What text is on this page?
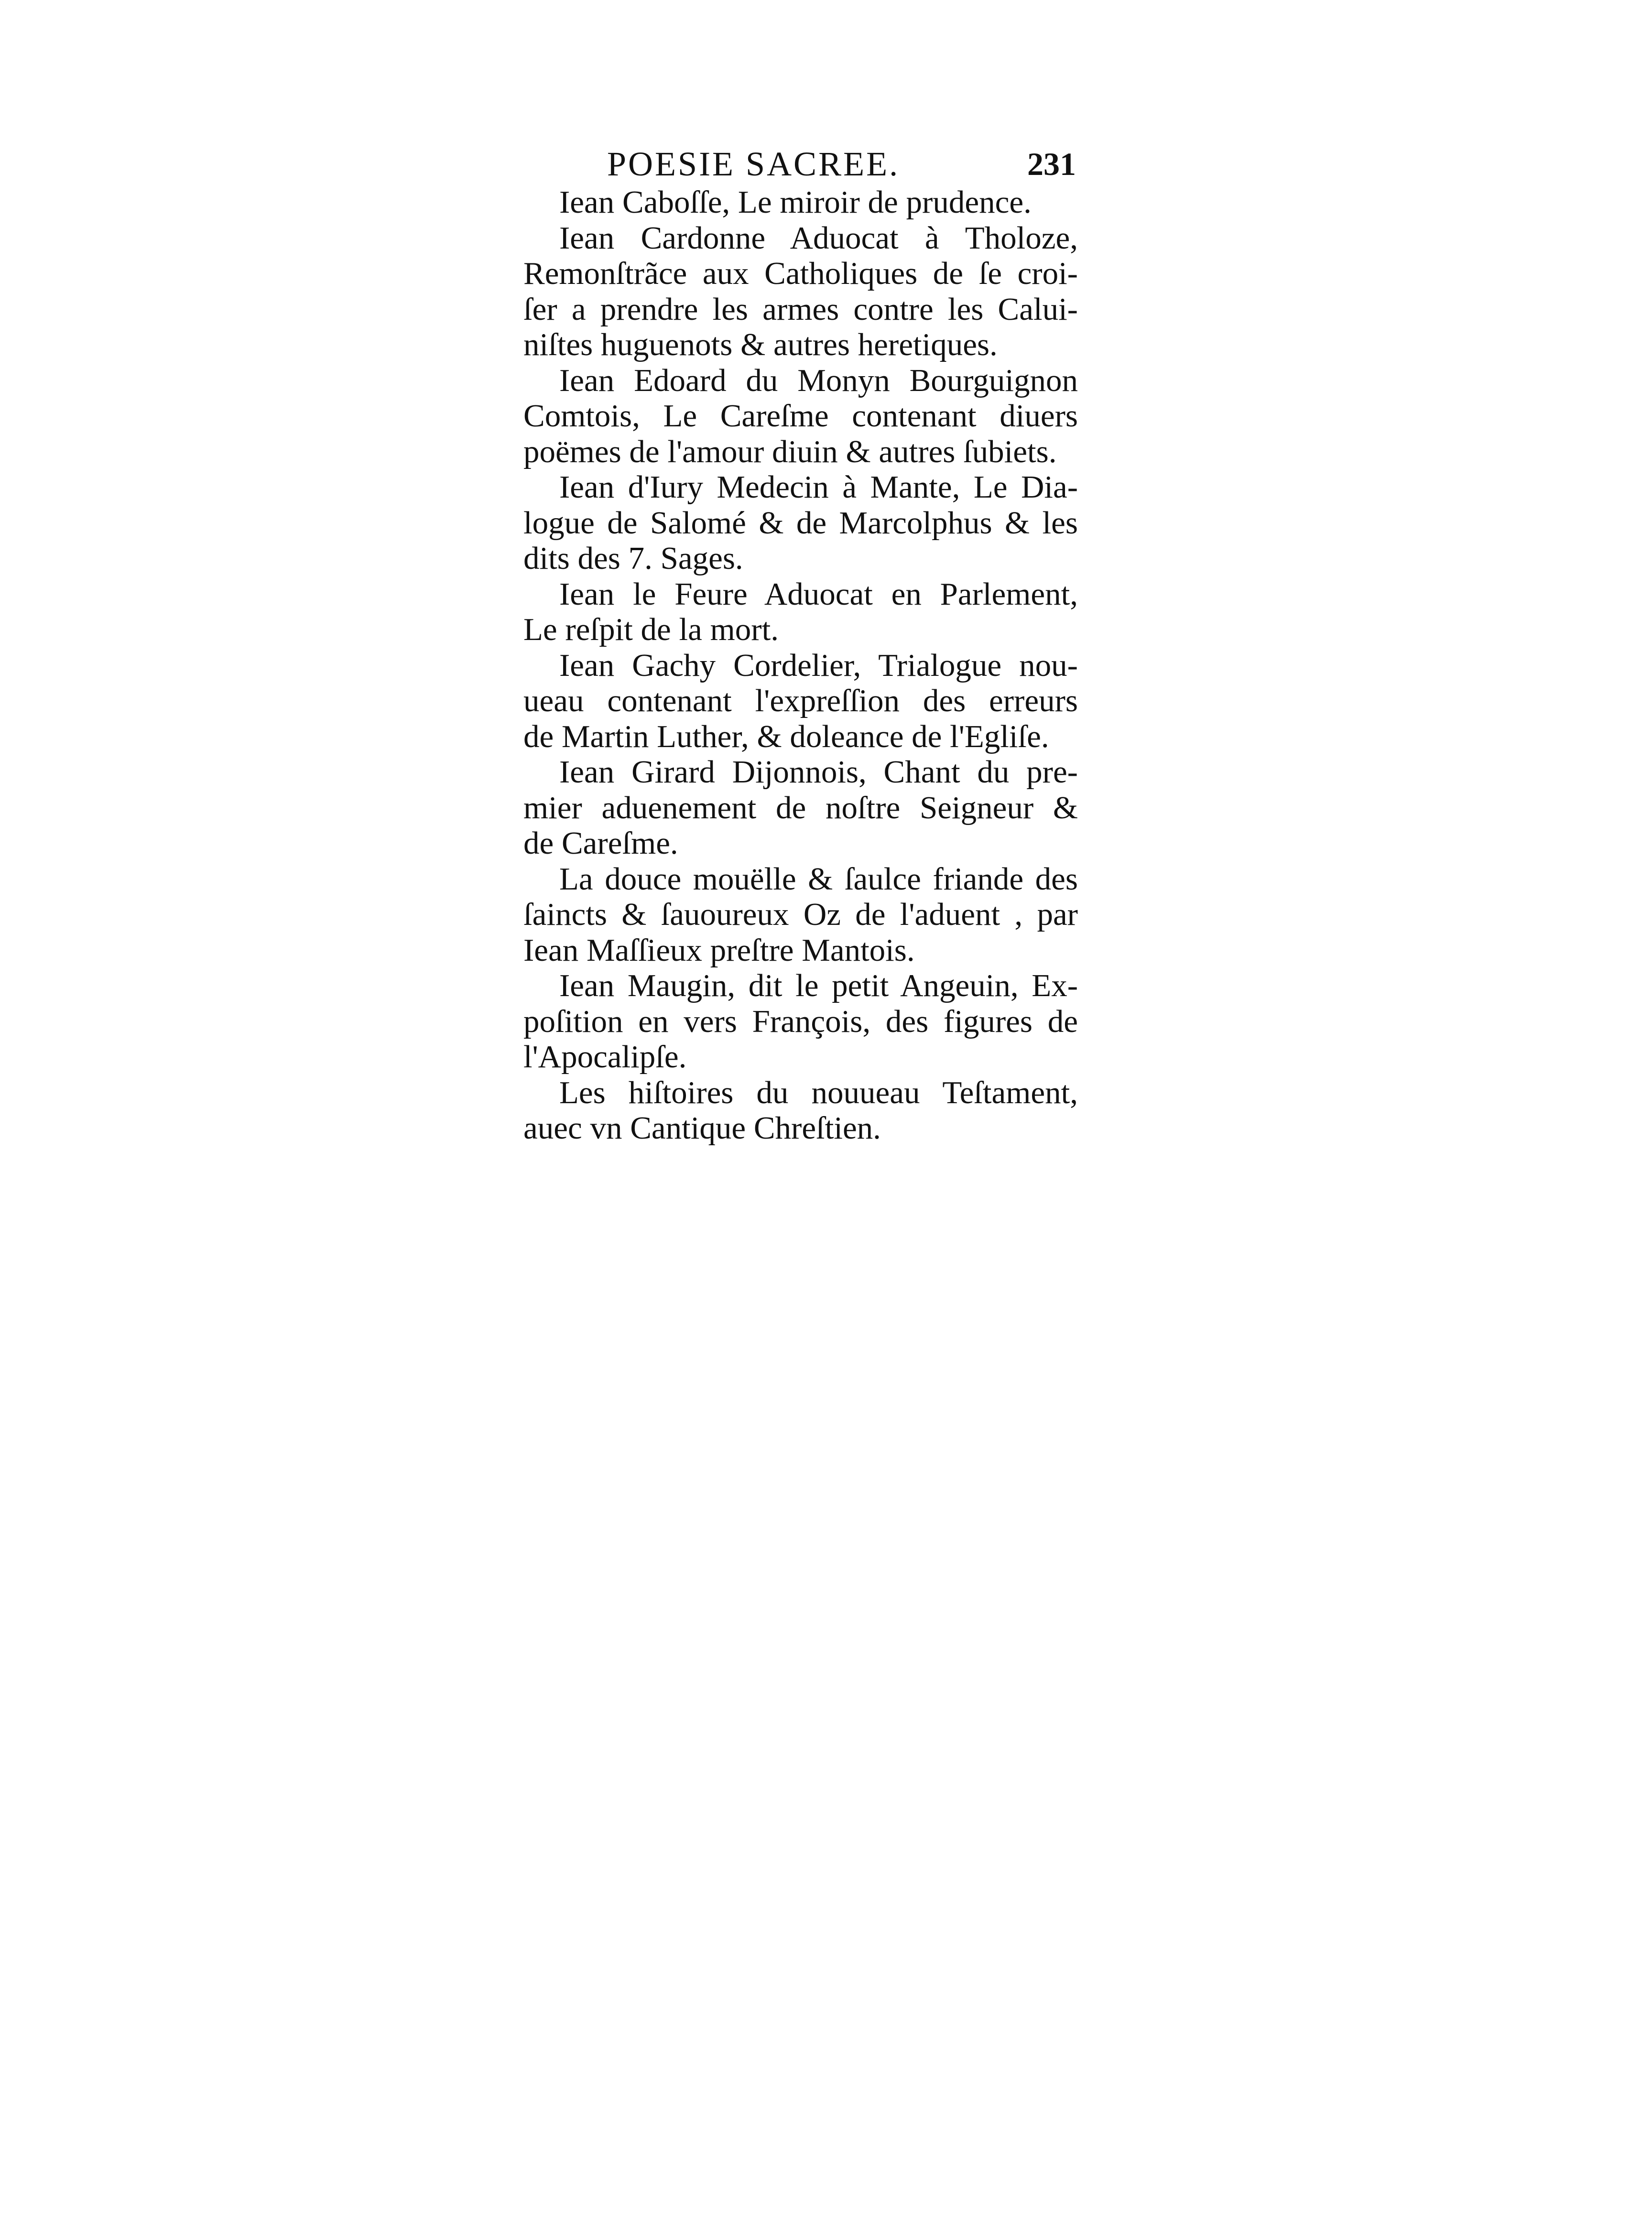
POESIE SACREE.	231
Iean Caboſſe, Le miroir de prudence.
Iean Cardonne Aduocat à Tholoze,
Remonſtrãce aux Catholiques de ſe croi-
ſer a prendre les armes contre les Calui-
niſtes huguenots & autres heretiques.
Iean Edoard du Monyn Bourguignon
Comtois, Le Careſme contenant diuers
poëmes de l'amour diuin & autres ſubiets.
Iean d'Iury Medecin à Mante, Le Dia-
logue de Salomé & de Marcolphus & les
dits des 7. Sages.
Iean le Feure Aduocat en Parlement,
Le reſpit de la mort.
Iean Gachy Cordelier, Trialogue nou-
ueau contenant l'expreſſion des erreurs
de Martin Luther, & doleance de l'Egliſe.
Iean Girard Dijonnois, Chant du pre-
mier aduenement de noſtre Seigneur &
de Careſme.
La douce mouëlle & ſaulce friande des
ſaincts & ſauoureux Oz de l'aduent , par
Iean Maſſieux preſtre Mantois.
Iean Maugin, dit le petit Angeuin, Ex-
poſition en vers François, des figures de
l'Apocalipſe.
Les hiſtoires du nouueau Teſtament,
auec vn Cantique Chreſtien.
